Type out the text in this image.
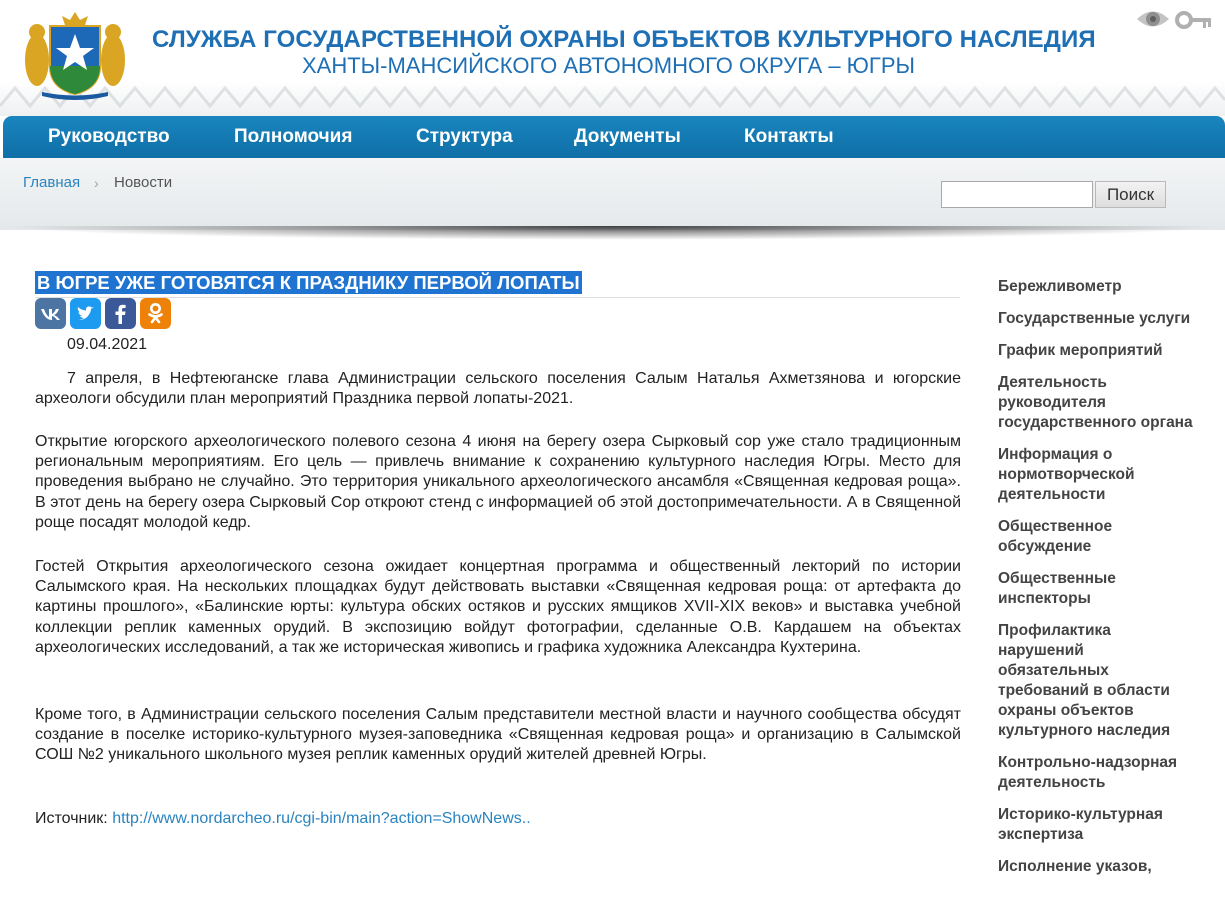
СЛУЖБА ГОСУДАРСТВЕННОЙ ОХРАНЫ ОБЪЕКТОВ КУЛЬТУРНОГО НАСЛЕДИЯ
ХАНТЫ-МАНСИЙСКОГО АВТОНОМНОГО ОКРУГА – ЮГРЫ
Руководство	Полномочия	Структура	Документы	Контакты
Главная › Новости
Поиск
В ЮГРЕ УЖЕ ГОТОВЯТСЯ К ПРАЗДНИКУ ПЕРВОЙ ЛОПАТЫ
09.04.2021

7 апреля, в Нефтеюганске глава Администрации сельского поселения Салым Наталья Ахметзянова и югорские археологи обсудили план мероприятий Праздника первой лопаты-2021.

Открытие югорского археологического полевого сезона 4 июня на берегу озера Сырковый сор уже стало традиционным региональным мероприятиям. Его цель — привлечь внимание к сохранению культурного наследия Югры. Место для проведения выбрано не случайно. Это территория уникального археологического ансамбля «Священная кедровая роща». В этот день на берегу озера Сырковый Сор откроют стенд с информацией об этой достопримечательности. А в Священной роще посадят молодой кедр.

Гостей Открытия археологического сезона ожидает концертная программа и общественный лекторий по истории Салымского края. На нескольких площадках будут действовать выставки «Священная кедровая роща: от артефакта до картины прошлого», «Балинские юрты: культура обских остяков и русских ямщиков XVII-XIX веков» и выставка учебной коллекции реплик каменных орудий. В экспозицию войдут фотографии, сделанные О.В. Кардашем на объектах археологических исследований, а так же историческая живопись и графика художника Александра Кухтерина.

Кроме того, в Администрации сельского поселения Салым представители местной власти и научного сообщества обсудят создание в поселке историко-культурного музея-заповедника «Священная кедровая роща» и организацию в Салымской СОШ №2 уникального школьного музея реплик каменных орудий жителей древней Югры.

Источник: http://www.nordarcheo.ru/cgi-bin/main?action=ShowNews..
Бережливометр
Государственные услуги
График мероприятий
Деятельность руководителя государственного органа
Информация о нормотворческой деятельности
Общественное обсуждение
Общественные инспекторы
Профилактика нарушений обязательных требований в области охраны объектов культурного наследия
Контрольно-надзорная деятельность
Историко-культурная экспертиза
Исполнение указов,
